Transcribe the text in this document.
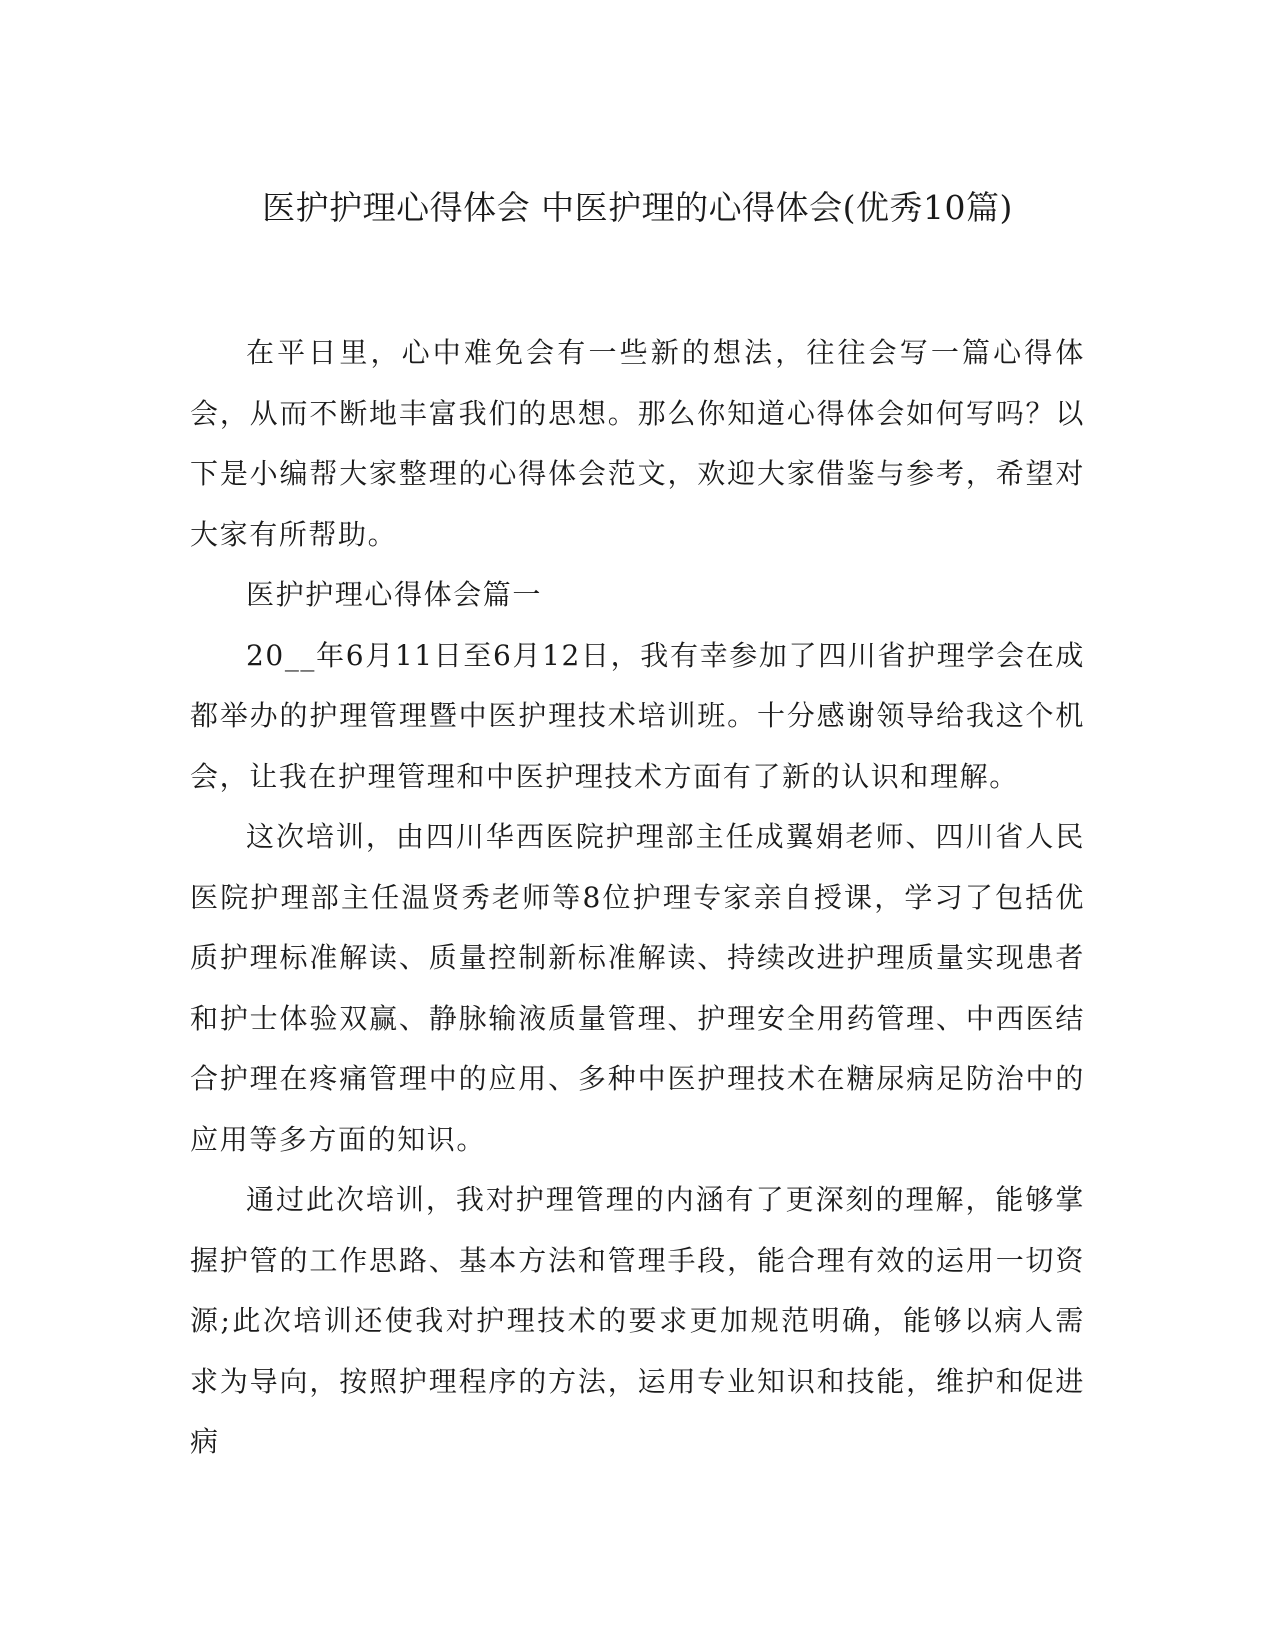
医护护理心得体会 中医护理的心得体会(优秀10篇)

在平日里，心中难免会有一些新的想法，往往会写一篇心得体会，从而不断地丰富我们的思想。那么你知道心得体会如何写吗？以下是小编帮大家整理的心得体会范文，欢迎大家借鉴与参考，希望对大家有所帮助。

医护护理心得体会篇一

20__年6月11日至6月12日，我有幸参加了四川省护理学会在成都举办的护理管理暨中医护理技术培训班。十分感谢领导给我这个机会，让我在护理管理和中医护理技术方面有了新的认识和理解。

这次培训，由四川华西医院护理部主任成翼娟老师、四川省人民医院护理部主任温贤秀老师等8位护理专家亲自授课，学习了包括优质护理标准解读、质量控制新标准解读、持续改进护理质量实现患者和护士体验双赢、静脉输液质量管理、护理安全用药管理、中西医结合护理在疼痛管理中的应用、多种中医护理技术在糖尿病足防治中的应用等多方面的知识。

通过此次培训，我对护理管理的内涵有了更深刻的理解，能够掌握护管的工作思路、基本方法和管理手段，能合理有效的运用一切资源;此次培训还使我对护理技术的要求更加规范明确，能够以病人需求为导向，按照护理程序的方法，运用专业知识和技能，维护和促进病
